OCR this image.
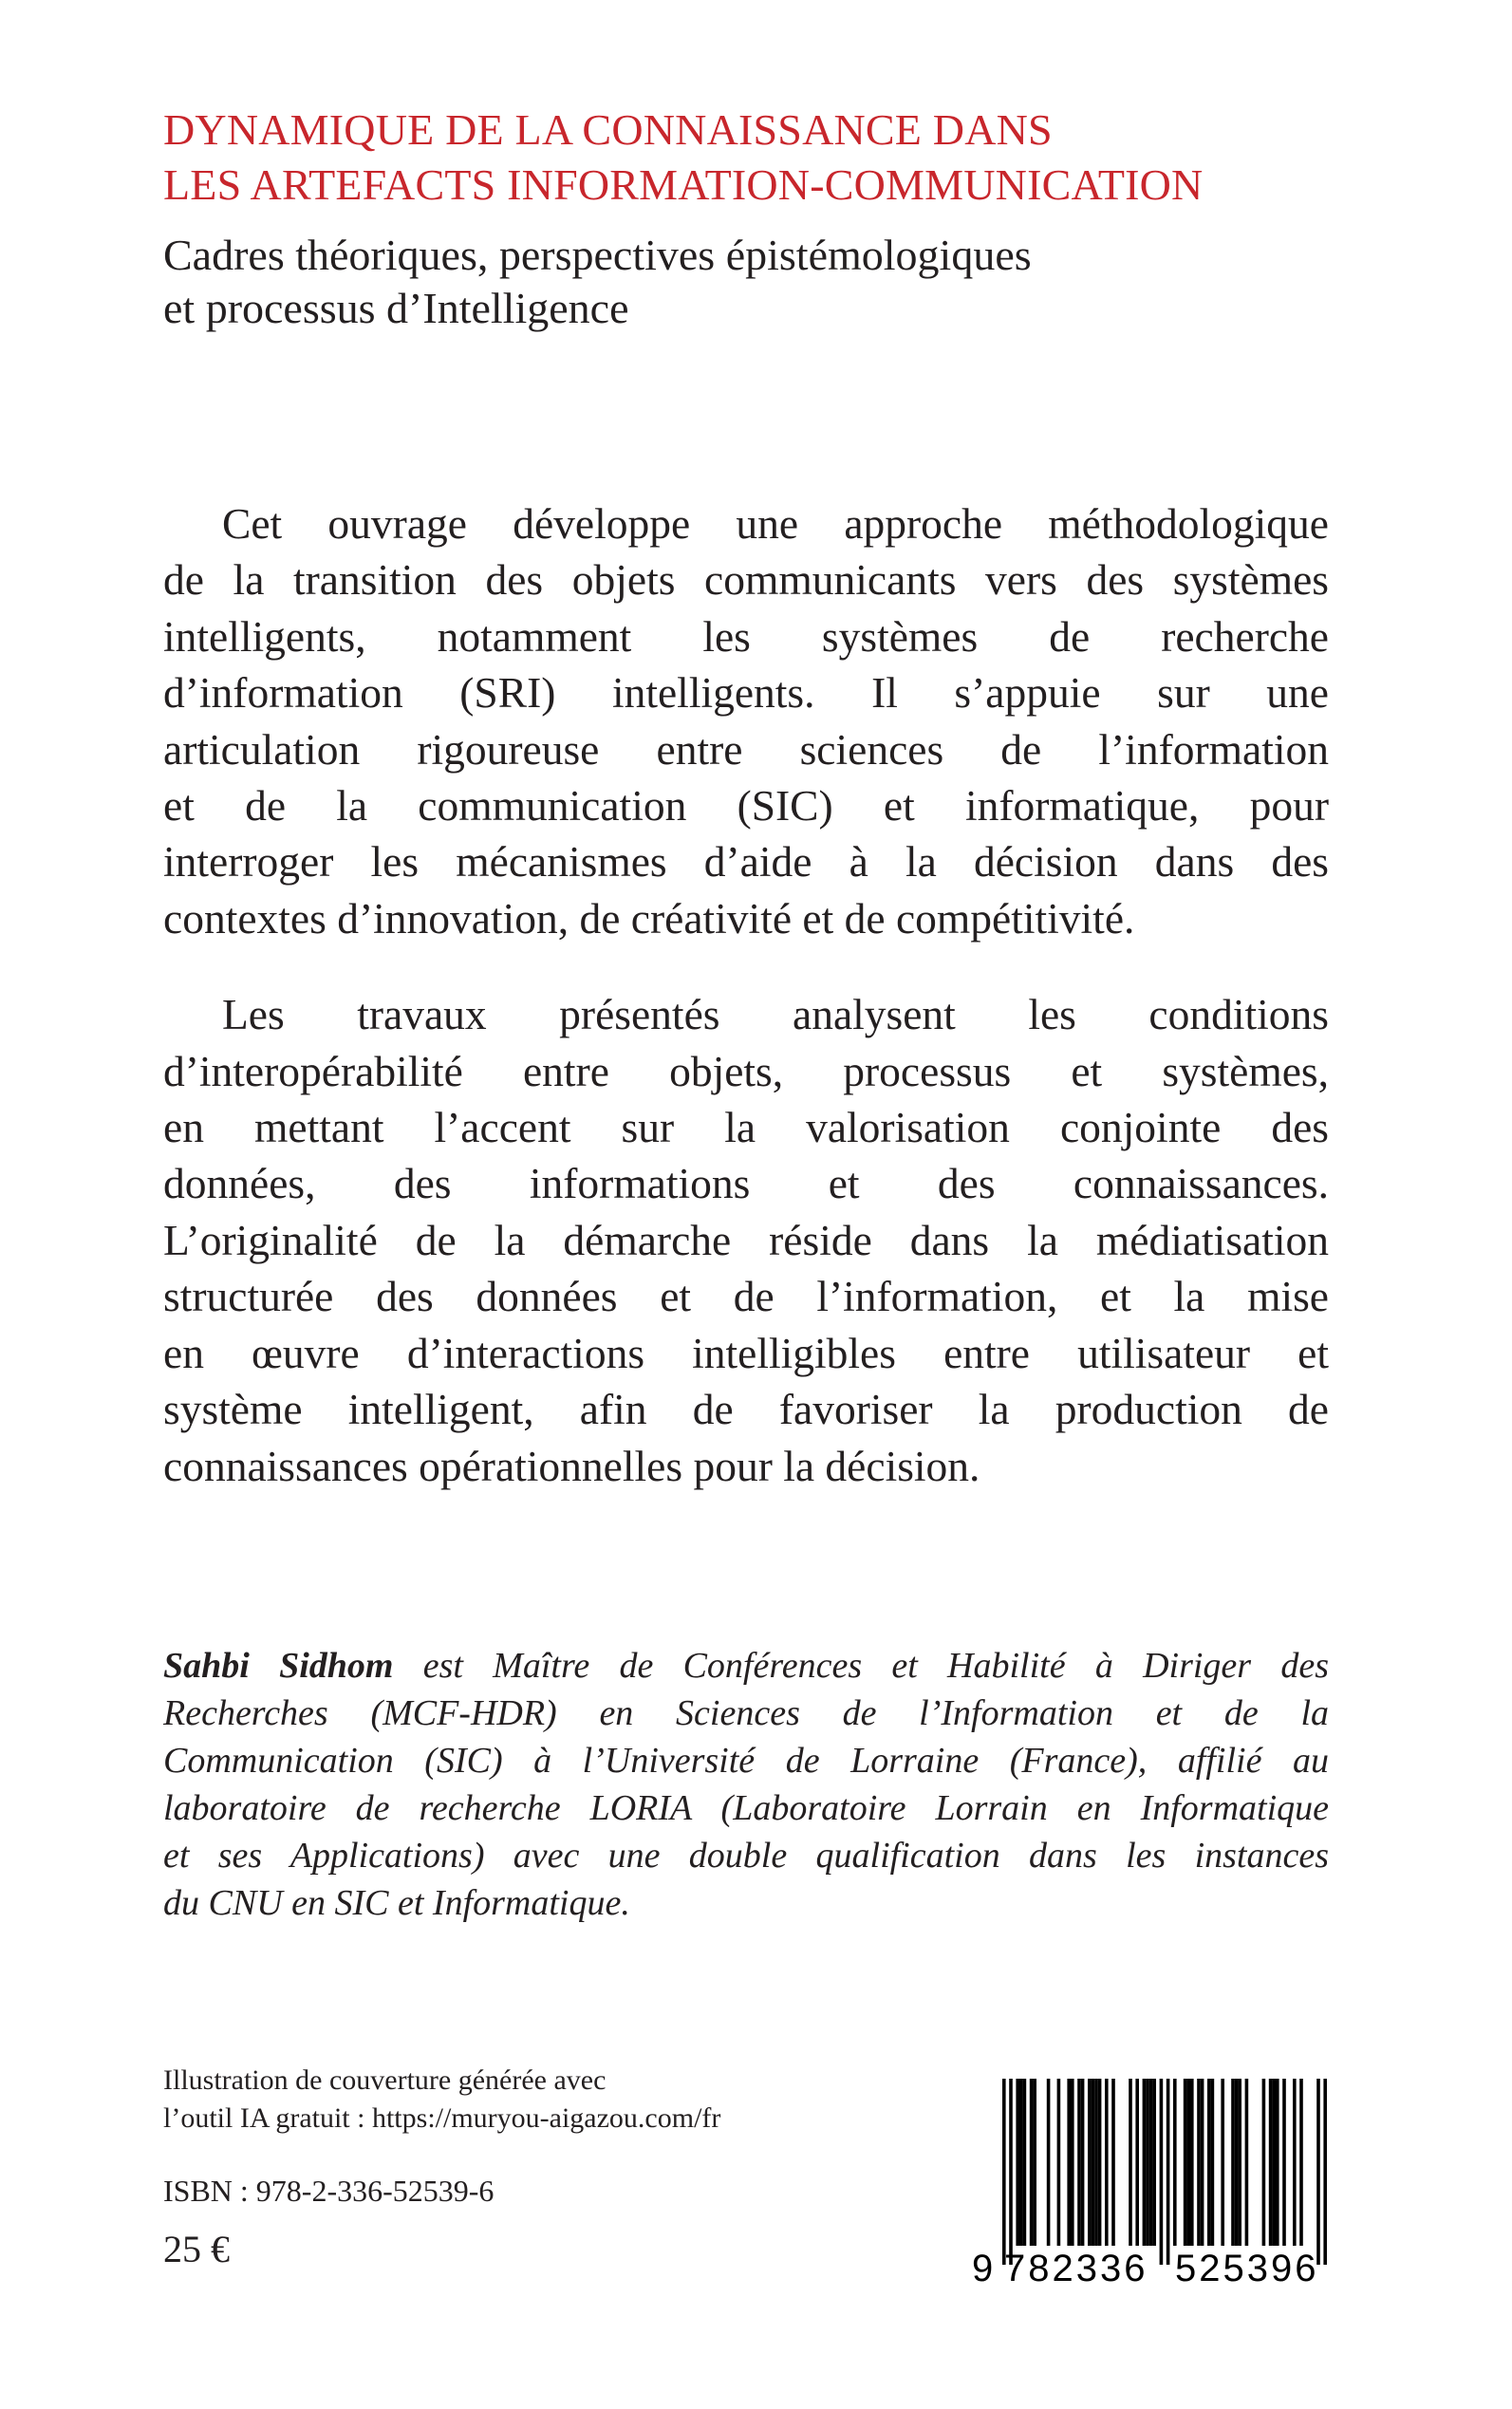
DYNAMIQUE DE LA CONNAISSANCE DANS
LES ARTEFACTS INFORMATION-COMMUNICATION
Cadres théoriques, perspectives épistémologiques
et processus d’Intelligence

Cet ouvrage développe une approche méthodologique
de la transition des objets communicants vers des systèmes
intelligents, notamment les systèmes de recherche
d’information (SRI) intelligents. Il s’appuie sur une
articulation rigoureuse entre sciences de l’information
et de la communication (SIC) et informatique, pour
interroger les mécanismes d’aide à la décision dans des
contextes d’innovation, de créativité et de compétitivité.

Les travaux présentés analysent les conditions
d’interopérabilité entre objets, processus et systèmes,
en mettant l’accent sur la valorisation conjointe des
données, des informations et des connaissances.
L’originalité de la démarche réside dans la médiatisation
structurée des données et de l’information, et la mise
en œuvre d’interactions intelligibles entre utilisateur et
système intelligent, afin de favoriser la production de
connaissances opérationnelles pour la décision.

Sahbi Sidhom est Maître de Conférences et Habilité à Diriger des
Recherches (MCF-HDR) en Sciences de l’Information et de la
Communication (SIC) à l’Université de Lorraine (France), affilié au
laboratoire de recherche LORIA (Laboratoire Lorrain en Informatique
et ses Applications) avec une double qualification dans les instances
du CNU en SIC et Informatique.
Illustration de couverture générée avec
l’outil IA gratuit : https://muryou-aigazou.com/fr
ISBN : 978-2-336-52539-6
25 €	9 782336 525396
